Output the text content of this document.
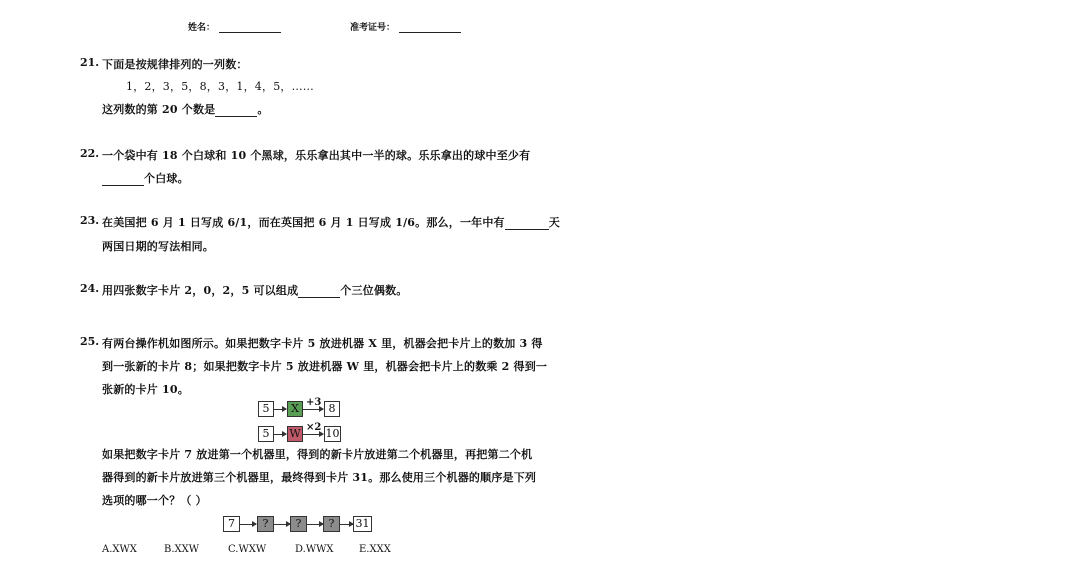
姓名：	准考证号：
21. 下面是按规律排列的一列数：
1，2，3，5，8，3，1，4，5，……
这列数的第 20 个数是	。
22. 一个袋中有 18 个白球和 10 个黑球，乐乐拿出其中一半的球。乐乐拿出的球中至少有
个白球。
23. 在美国把 6 月 1 日写成 6/1，而在英国把 6 月 1 日写成 1/6。那么，一年中有	天
两国日期的写法相同。
24. 用四张数字卡片 2，0，2，5 可以组成	个三位偶数。
25. 有两台操作机如图所示。如果把数字卡片 5 放进机器 X 里，机器会把卡片上的数加 3 得
到一张新的卡片 8；如果把数字卡片 5 放进机器 W 里，机器会把卡片上的数乘 2 得到一
张新的卡片 10。
5	X +3 8
5	W ×2 10
如果把数字卡片 7 放进第一个机器里，得到的新卡片放进第二个机器里，再把第二个机
器得到的新卡片放进第三个机器里，最终得到卡片 31。那么使用三个机器的顺序是下列
选项的哪一个？（ ）
7	?	?	?	31
A.XWX	B.XXW	C.WXW	D.WWX	E.XXX
